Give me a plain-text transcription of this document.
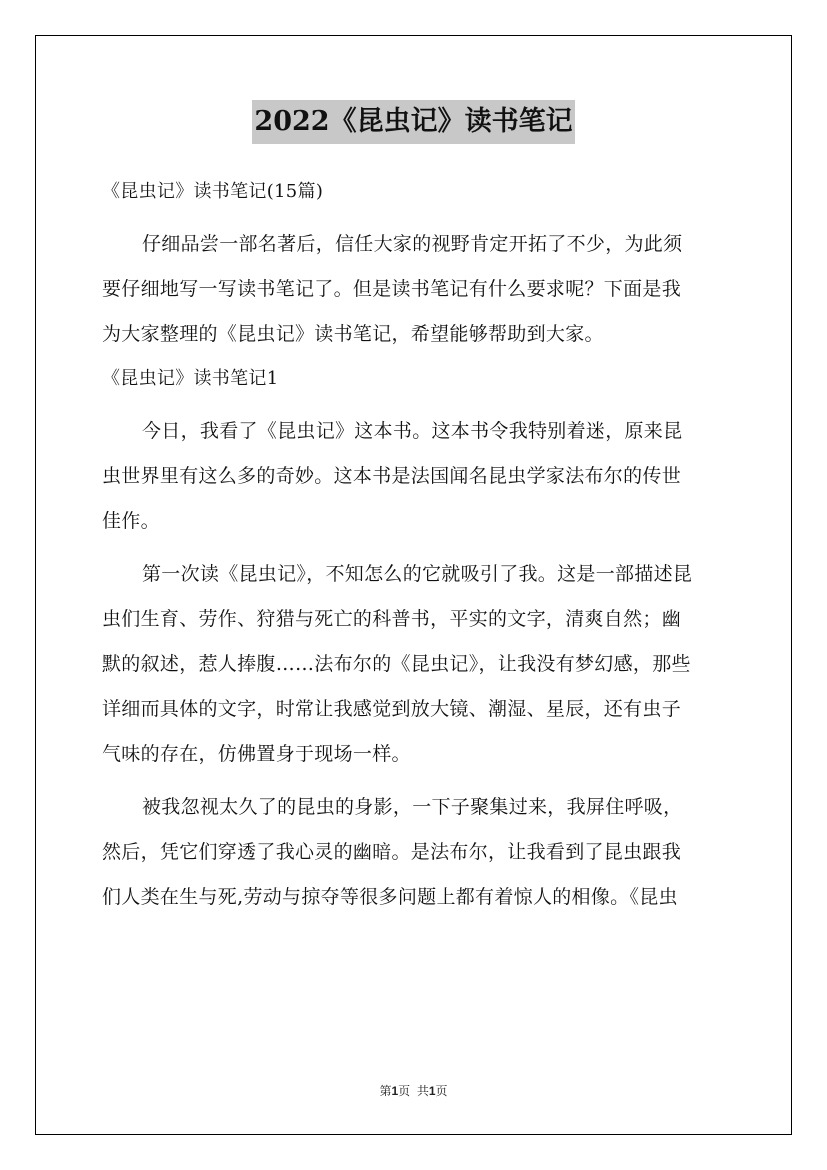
2022《昆虫记》读书笔记
《昆虫记》读书笔记(15篇)
仔细品尝一部名著后，信任大家的视野肯定开拓了不少，为此须
要仔细地写一写读书笔记了。但是读书笔记有什么要求呢？下面是我
为大家整理的《昆虫记》读书笔记，希望能够帮助到大家。
《昆虫记》读书笔记1
今日，我看了《昆虫记》这本书。这本书令我特别着迷，原来昆
虫世界里有这么多的奇妙。这本书是法国闻名昆虫学家法布尔的传世
佳作。
第一次读《昆虫记》，不知怎么的它就吸引了我。这是一部描述昆
虫们生育、劳作、狩猎与死亡的科普书，平实的文字，清爽自然；幽
默的叙述，惹人捧腹……法布尔的《昆虫记》，让我没有梦幻感，那些
详细而具体的文字，时常让我感觉到放大镜、潮湿、星辰，还有虫子
气味的存在，仿佛置身于现场一样。
被我忽视太久了的昆虫的身影，一下子聚集过来，我屏住呼吸，
然后，凭它们穿透了我心灵的幽暗。是法布尔，让我看到了昆虫跟我
们人类在生与死,劳动与掠夺等很多问题上都有着惊人的相像。《昆虫
第1页 共1页
